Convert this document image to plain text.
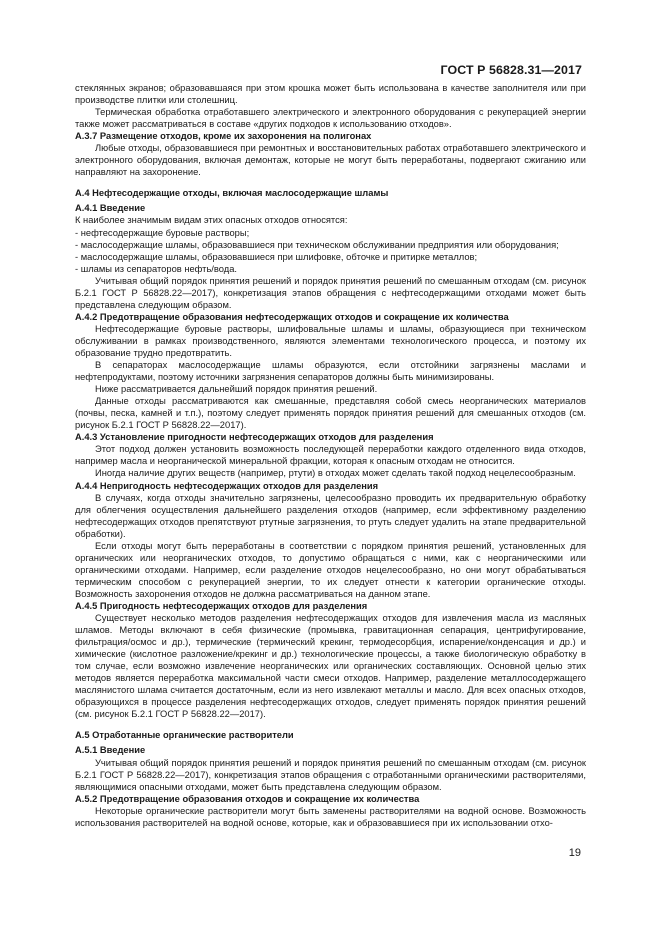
ГОСТ Р 56828.31—2017

стеклянных экранов; образовавшаяся при этом крошка может быть использована в качестве заполнителя или при производстве плитки или столешниц.

Термическая обработка отработавшего электрического и электронного оборудования с рекуперацией энергии также может рассматриваться в составе «других подходов к использованию отходов».

А.3.7 Размещение отходов, кроме их захоронения на полигонах

Любые отходы, образовавшиеся при ремонтных и восстановительных работах отработавшего электрического и электронного оборудования, включая демонтаж, которые не могут быть переработаны, подвергают сжиганию или направляют на захоронение.

А.4 Нефтесодержащие отходы, включая маслосодержащие шламы

А.4.1 Введение

К наиболее значимым видам этих опасных отходов относятся:

- нефтесодержащие буровые растворы;

- маслосодержащие шламы, образовавшиеся при техническом обслуживании предприятия или оборудования;

- маслосодержащие шламы, образовавшиеся при шлифовке, обточке и притирке металлов;

- шламы из сепараторов нефть/вода.

Учитывая общий порядок принятия решений и порядок принятия решений по смешанным отходам (см. рисунок Б.2.1 ГОСТ Р 56828.22—2017), конкретизация этапов обращения с нефтесодержащими отходами может быть представлена следующим образом.

А.4.2 Предотвращение образования нефтесодержащих отходов и сокращение их количества

Нефтесодержащие буровые растворы, шлифовальные шламы и шламы, образующиеся при техническом обслуживании в рамках производственного, являются элементами технологического процесса, и поэтому их образование трудно предотвратить.

В сепараторах маслосодержащие шламы образуются, если отстойники загрязнены маслами и нефтепродуктами, поэтому источники загрязнения сепараторов должны быть минимизированы.

Ниже рассматривается дальнейший порядок принятия решений.

Данные отходы рассматриваются как смешанные, представляя собой смесь неорганических материалов (почвы, песка, камней и т.п.), поэтому следует применять порядок принятия решений для смешанных отходов (см. рисунок Б.2.1 ГОСТ Р 56828.22—2017).

А.4.3 Установление пригодности нефтесодержащих отходов для разделения

Этот подход должен установить возможность последующей переработки каждого отделенного вида отходов, например масла и неорганической минеральной фракции, которая к опасным отходам не относится.

Иногда наличие других веществ (например, ртути) в отходах может сделать такой подход нецелесообразным.

А.4.4 Непригодность нефтесодержащих отходов для разделения

В случаях, когда отходы значительно загрязнены, целесообразно проводить их предварительную обработку для облегчения осуществления дальнейшего разделения отходов (например, если эффективному разделению нефтесодержащих отходов препятствуют ртутные загрязнения, то ртуть следует удалить на этапе предварительной обработки).

Если отходы могут быть переработаны в соответствии с порядком принятия решений, установленных для органических или неорганических отходов, то допустимо обращаться с ними, как с неорганическими или органическими отходами. Например, если разделение отходов нецелесообразно, но они могут обрабатываться термическим способом с рекуперацией энергии, то их следует отнести к категории органические отходы. Возможность захоронения отходов не должна рассматриваться на данном этапе.

А.4.5 Пригодность нефтесодержащих отходов для разделения

Существует несколько методов разделения нефтесодержащих отходов для извлечения масла из масляных шламов. Методы включают в себя физические (промывка, гравитационная сепарация, центрифугирование, фильтрация/осмос и др.), термические (термический крекинг, термодесорбция, испарение/конденсация и др.) и химические (кислотное разложение/крекинг и др.) технологические процессы, а также биологическую обработку в том случае, если возможно извлечение неорганических или органических составляющих. Основной целью этих методов является переработка максимальной части смеси отходов. Например, разделение металлосодержащего маслянистого шлама считается достаточным, если из него извлекают металлы и масло. Для всех опасных отходов, образующихся в процессе разделения нефтесодержащих отходов, следует применять порядок принятия решений (см. рисунок Б.2.1 ГОСТ Р 56828.22—2017).

А.5 Отработанные органические растворители

А.5.1 Введение

Учитывая общий порядок принятия решений и порядок принятия решений по смешанным отходам (см. рисунок Б.2.1 ГОСТ Р 56828.22—2017), конкретизация этапов обращения с отработанными органическими растворителями, являющимися опасными отходами, может быть представлена следующим образом.

А.5.2 Предотвращение образования отходов и сокращение их количества

Некоторые органические растворители могут быть заменены растворителями на водной основе. Возможность использования растворителей на водной основе, которые, как и образовавшиеся при их использовании отхо-

19
